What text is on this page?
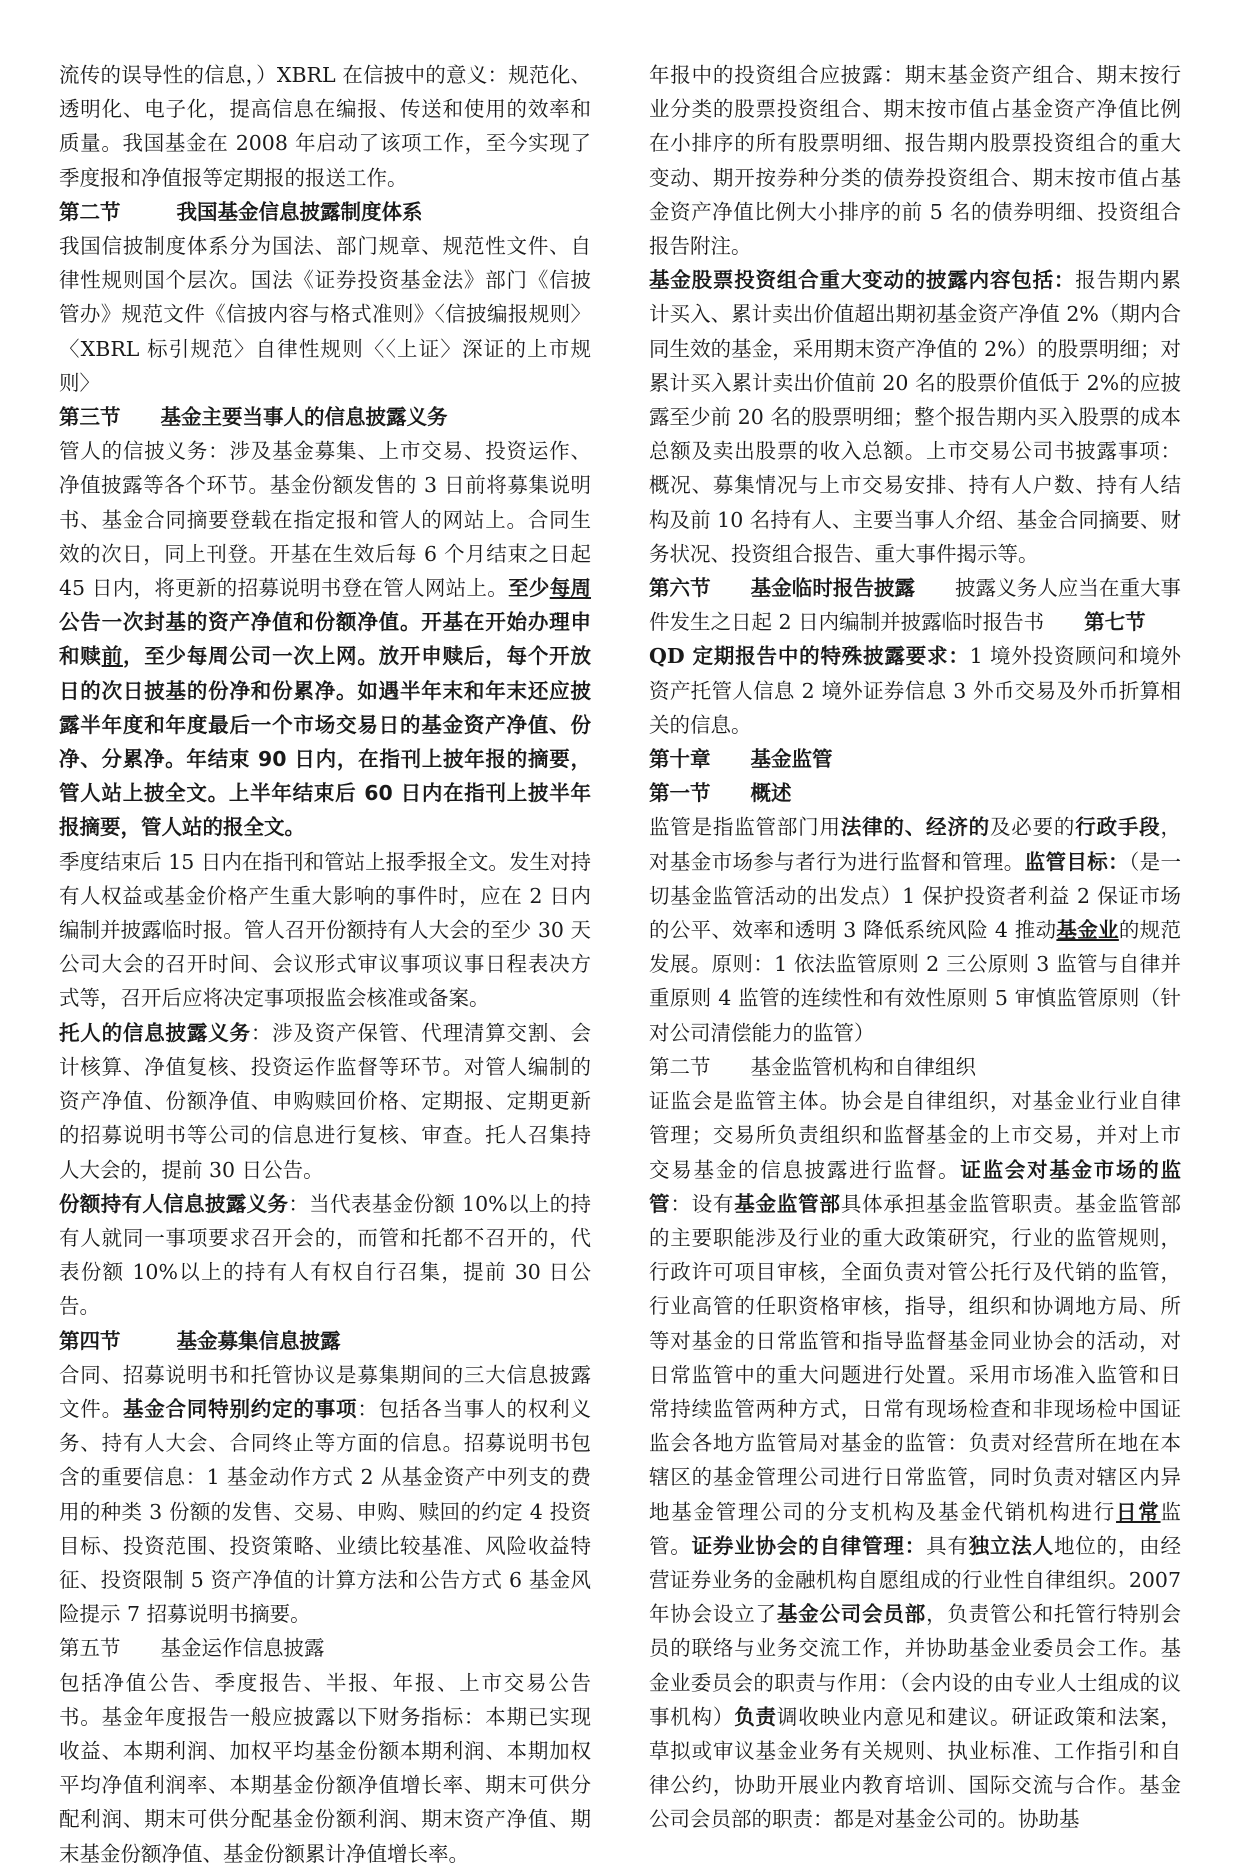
流传的误导性的信息，）XBRL 在信披中的意义：规范化、透明化、电子化，提高信息在编报、传送和使用的效率和质量。我国基金在 2008 年启动了该项工作，至今实现了季度报和净值报等定期报的报送工作。

第二节	我国基金信息披露制度体系

我国信披制度体系分为国法、部门规章、规范性文件、自律性规则国个层次。国法《证券投资基金法》部门《信披管办》规范文件《信披内容与格式准则》〈信披编报规则〉〈XBRL 标引规范〉自律性规则〈〈上证〉深证的上市规则〉

第三节 基金主要当事人的信息披露义务

管人的信披义务：涉及基金募集、上市交易、投资运作、净值披露等各个环节。基金份额发售的 3 日前将募集说明书、基金合同摘要登载在指定报和管人的网站上。合同生效的次日，同上刊登。开基在生效后每 6 个月结束之日起 45 日内，将更新的招募说明书登在管人网站上。至少每周公告一次封基的资产净值和份额净值。开基在开始办理申和赎前，至少每周公司一次上网。放开申赎后，每个开放日的次日披基的份净和份累净。如遇半年末和年末还应披露半年度和年度最后一个市场交易日的基金资产净值、份净、分累净。年结束 90 日内，在指刊上披年报的摘要，管人站上披全文。上半年结束后 60 日内在指刊上披半年报摘要，管人站的报全文。

季度结束后 15 日内在指刊和管站上报季报全文。发生对持有人权益或基金价格产生重大影响的事件时，应在 2 日内编制并披露临时报。管人召开份额持有人大会的至少 30 天公司大会的召开时间、会议形式审议事项议事日程表决方式等，召开后应将决定事项报监会核准或备案。

托人的信息披露义务：涉及资产保管、代理清算交割、会计核算、净值复核、投资运作监督等环节。对管人编制的资产净值、份额净值、申购赎回价格、定期报、定期更新的招募说明书等公司的信息进行复核、审查。托人召集持人大会的，提前 30 日公告。

份额持有人信息披露义务：当代表基金份额 10%以上的持有人就同一事项要求召开会的，而管和托都不召开的，代表份额 10%以上的持有人有权自行召集，提前 30 日公告。

第四节	基金募集信息披露

合同、招募说明书和托管协议是募集期间的三大信息披露文件。基金合同特别约定的事项：包括各当事人的权利义务、持有人大会、合同终止等方面的信息。招募说明书包含的重要信息：1 基金动作方式 2 从基金资产中列支的费用的种类 3 份额的发售、交易、申购、赎回的约定 4 投资目标、投资范围、投资策略、业绩比较基准、风险收益特征、投资限制 5 资产净值的计算方法和公告方式 6 基金风险提示 7 招募说明书摘要。

第五节 基金运作信息披露

包括净值公告、季度报告、半报、年报、上市交易公告书。基金年度报告一般应披露以下财务指标：本期已实现收益、本期利润、加权平均基金份额本期利润、本期加权平均净值利润率、本期基金份额净值增长率、期末可供分配利润、期末可供分配基金份额利润、期末资产净值、期末基金份额净值、基金份额累计净值增长率。

年报中的投资组合应披露：期末基金资产组合、期末按行业分类的股票投资组合、期末按市值占基金资产净值比例在小排序的所有股票明细、报告期内股票投资组合的重大变动、期开按券种分类的债券投资组合、期末按市值占基金资产净值比例大小排序的前 5 名的债券明细、投资组合报告附注。

基金股票投资组合重大变动的披露内容包括：报告期内累计买入、累计卖出价值超出期初基金资产净值 2%（期内合同生效的基金，采用期末资产净值的 2%）的股票明细；对累计买入累计卖出价值前 20 名的股票价值低于 2%的应披露至少前 20 名的股票明细；整个报告期内买入股票的成本总额及卖出股票的收入总额。上市交易公司书披露事项：概况、募集情况与上市交易安排、持有人户数、持有人结构及前 10 名持有人、主要当事人介绍、基金合同摘要、财务状况、投资组合报告、重大事件揭示等。

第六节 基金临时报告披露 披露义务人应当在重大事件发生之日起 2 日内编制并披露临时报告书 第七节

QD 定期报告中的特殊披露要求：1 境外投资顾问和境外资产托管人信息 2 境外证券信息 3 外币交易及外币折算相关的信息。

第十章 基金监管

第一节 概述

监管是指监管部门用法律的、经济的及必要的行政手段，对基金市场参与者行为进行监督和管理。监管目标：（是一切基金监管活动的出发点）1 保护投资者利益 2 保证市场的公平、效率和透明 3 降低系统风险 4 推动基金业的规范发展。原则：1 依法监管原则 2 三公原则 3 监管与自律并重原则 4 监管的连续性和有效性原则 5 审慎监管原则（针对公司清偿能力的监管）

第二节 基金监管机构和自律组织

证监会是监管主体。协会是自律组织，对基金业行业自律管理；交易所负责组织和监督基金的上市交易，并对上市交易基金的信息披露进行监督。证监会对基金市场的监管：设有基金监管部具体承担基金监管职责。基金监管部的主要职能涉及行业的重大政策研究，行业的监管规则，行政许可项目审核，全面负责对管公托行及代销的监管，行业高管的任职资格审核，指导，组织和协调地方局、所等对基金的日常监管和指导监督基金同业协会的活动，对日常监管中的重大问题进行处置。采用市场准入监管和日常持续监管两种方式，日常有现场检查和非现场检中国证监会各地方监管局对基金的监管：负责对经营所在地在本辖区的基金管理公司进行日常监管，同时负责对辖区内异地基金管理公司的分支机构及基金代销机构进行日常监管。证券业协会的自律管理：具有独立法人地位的，由经营证券业务的金融机构自愿组成的行业性自律组织。2007 年协会设立了基金公司会员部，负责管公和托管行特别会员的联络与业务交流工作，并协助基金业委员会工作。基金业委员会的职责与作用：（会内设的由专业人士组成的议事机构）负责调收映业内意见和建议。研证政策和法案，草拟或审议基金业务有关规则、执业标准、工作指引和自律公约，协助开展业内教育培训、国际交流与合作。基金公司会员部的职责：都是对基金公司的。协助基
